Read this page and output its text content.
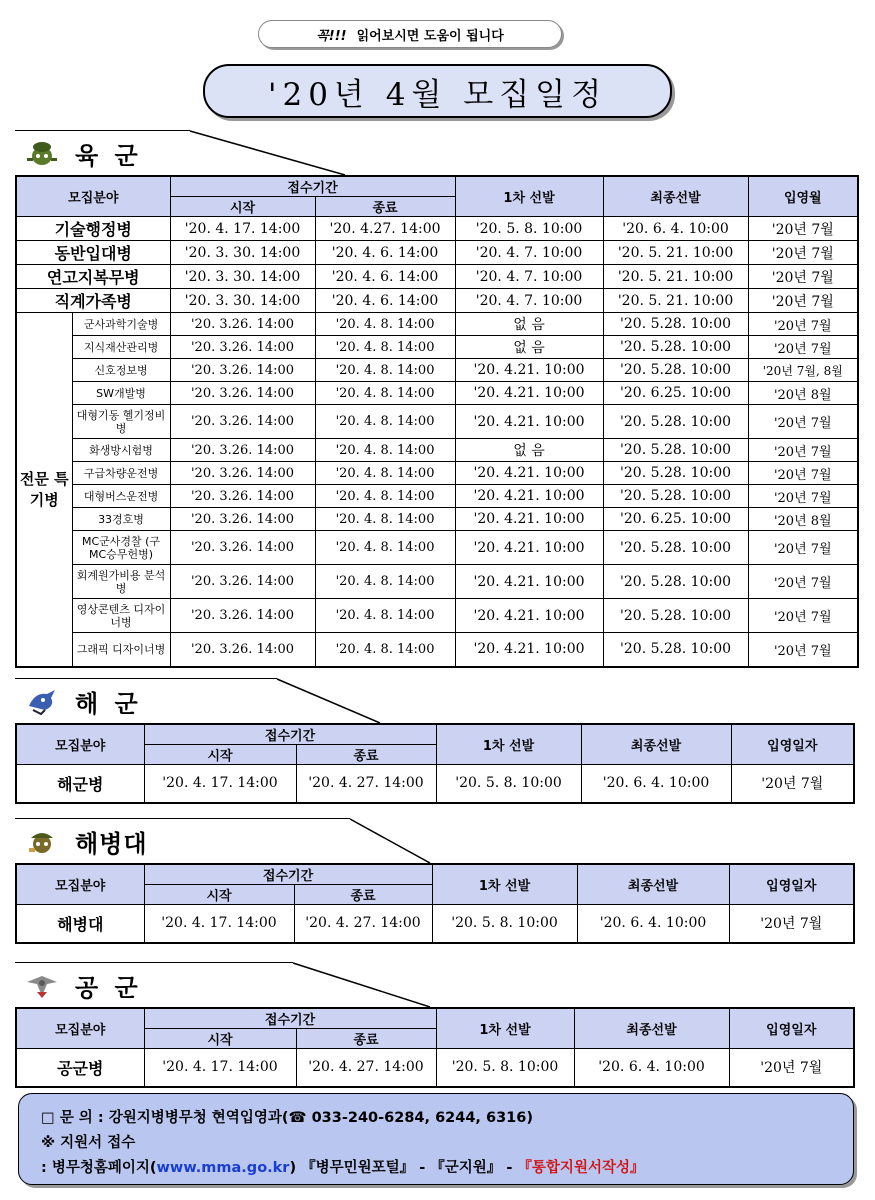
꼭!!! 읽어보시면 도움이 됩니다
'20년 4월 모집일정
육 군
모집분야		접수기간		1차 선발	최종선발	입영월
		시작	종료			
기술행정병		'20. 4. 17. 14:00	'20. 4.27. 14:00	'20. 5. 8. 10:00	'20. 6. 4. 10:00	'20년 7월
동반입대병		'20. 3. 30. 14:00	'20. 4. 6. 14:00	'20. 4. 7. 10:00	'20. 5. 21. 10:00	'20년 7월
연고지복무병		'20. 3. 30. 14:00	'20. 4. 6. 14:00	'20. 4. 7. 10:00	'20. 5. 21. 10:00	'20년 7월
직계가족병		'20. 3. 30. 14:00	'20. 4. 6. 14:00	'20. 4. 7. 10:00	'20. 5. 21. 10:00	'20년 7월
전문 특기병	군사과학기술병	'20. 3.26. 14:00	'20. 4. 8. 14:00	없 음	'20. 5.28. 10:00	'20년 7월
	지식재산관리병	'20. 3.26. 14:00	'20. 4. 8. 14:00	없 음	'20. 5.28. 10:00	'20년 7월
	신호정보병	'20. 3.26. 14:00	'20. 4. 8. 14:00	'20. 4.21. 10:00	'20. 5.28. 10:00	'20년 7월, 8월
	SW개발병	'20. 3.26. 14:00	'20. 4. 8. 14:00	'20. 4.21. 10:00	'20. 6.25. 10:00	'20년 8월
	대형기동 헬기정비병	'20. 3.26. 14:00	'20. 4. 8. 14:00	'20. 4.21. 10:00	'20. 5.28. 10:00	'20년 7월
	화생방시험병	'20. 3.26. 14:00	'20. 4. 8. 14:00	없 음	'20. 5.28. 10:00	'20년 7월
	구급차량운전병	'20. 3.26. 14:00	'20. 4. 8. 14:00	'20. 4.21. 10:00	'20. 5.28. 10:00	'20년 7월
	대형버스운전병	'20. 3.26. 14:00	'20. 4. 8. 14:00	'20. 4.21. 10:00	'20. 5.28. 10:00	'20년 7월
	33경호병	'20. 3.26. 14:00	'20. 4. 8. 14:00	'20. 4.21. 10:00	'20. 6.25. 10:00	'20년 8월
	MC군사경찰 (구 MC승무헌병)	'20. 3.26. 14:00	'20. 4. 8. 14:00	'20. 4.21. 10:00	'20. 5.28. 10:00	'20년 7월
	회계원가비용 분석병	'20. 3.26. 14:00	'20. 4. 8. 14:00	'20. 4.21. 10:00	'20. 5.28. 10:00	'20년 7월
	영상콘텐츠 디자이너병	'20. 3.26. 14:00	'20. 4. 8. 14:00	'20. 4.21. 10:00	'20. 5.28. 10:00	'20년 7월
	그래픽 디자이너병	'20. 3.26. 14:00	'20. 4. 8. 14:00	'20. 4.21. 10:00	'20. 5.28. 10:00	'20년 7월
해 군
모집분야	접수기간		1차 선발	최종선발	입영일자
	시작	종료			
해군병	'20. 4. 17. 14:00	'20. 4. 27. 14:00	'20. 5. 8. 10:00	'20. 6. 4. 10:00	'20년 7월
해병대
모집분야	접수기간		1차 선발	최종선발	입영일자
	시작	종료			
해병대	'20. 4. 17. 14:00	'20. 4. 27. 14:00	'20. 5. 8. 10:00	'20. 6. 4. 10:00	'20년 7월
공 군
모집분야	접수기간		1차 선발	최종선발	입영일자
	시작	종료			
공군병	'20. 4. 17. 14:00	'20. 4. 27. 14:00	'20. 5. 8. 10:00	'20. 6. 4. 10:00	'20년 7월
□ 문 의 : 강원지병병무청 현역입영과(☎ 033-240-6284, 6244, 6316)
※ 지원서 접수
: 병무청홈페이지(www.mma.go.kr) 『병무민원포털』 - 『군지원』 - 『통합지원서작성』
